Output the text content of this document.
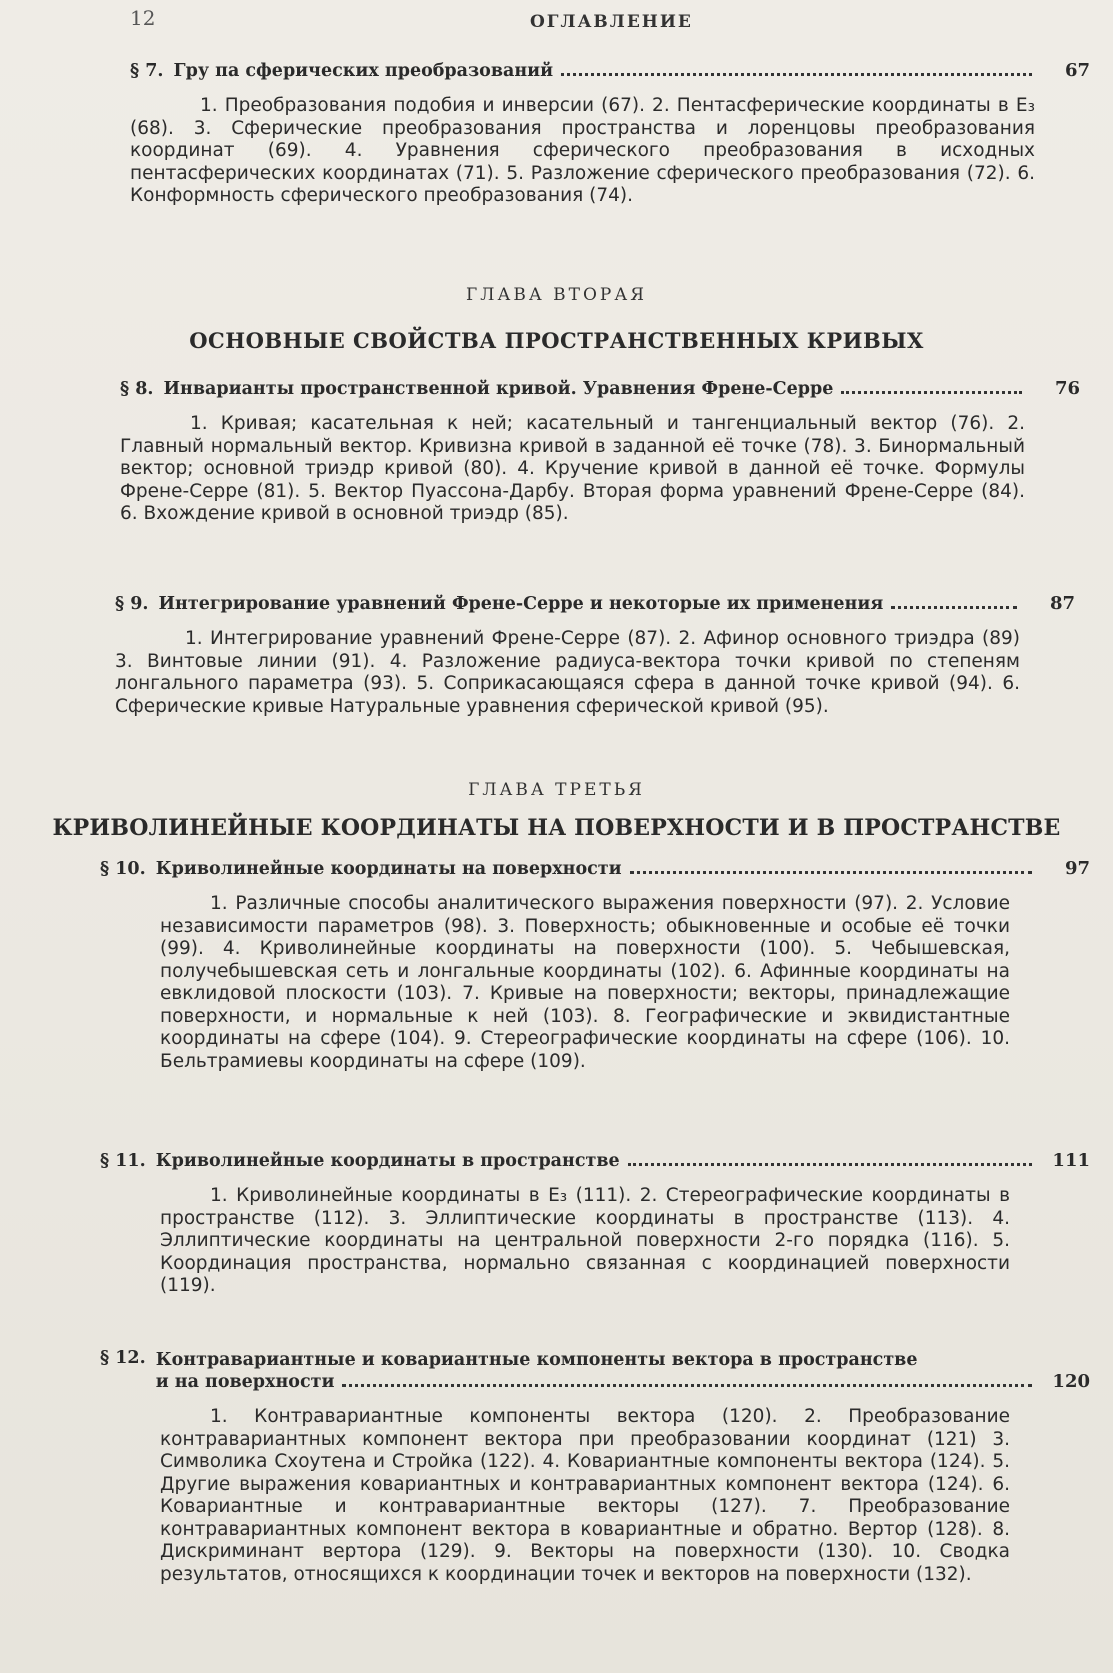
12	ОГЛАВЛЕНИЕ
§ 7. Гру па сферических преобразований	67
1. Преобразования подобия и инверсии (67). 2. Пентасферические координаты в E₃ (68). 3. Сферические преобразования пространства и лоренцовы преобразования координат (69). 4. Уравнения сферического преобразования в исходных пентасферических координатах (71). 5. Разложение сферического преобразования (72). 6. Конформность сферического преобразования (74).
ГЛАВА ВТОРАЯ
ОСНОВНЫЕ СВОЙСТВА ПРОСТРАНСТВЕННЫХ КРИВЫХ
§ 8. Инварианты пространственной кривой. Уравнения Френе-Серре	76
1. Кривая; касательная к ней; касательный и тангенциальный вектор (76). 2. Главный нормальный вектор. Кривизна кривой в заданной её точке (78). 3. Бинормальный вектор; основной триэдр кривой (80). 4. Кручение кривой в данной её точке. Формулы Френе-Серре (81). 5. Вектор Пуассона-Дарбу. Вторая форма уравнений Френе-Серре (84). 6. Вхождение кривой в основной триэдр (85).
§ 9. Интегрирование уравнений Френе-Серре и некоторые их применения	87
1. Интегрирование уравнений Френе-Серре (87). 2. Афинор основного триэдра (89) 3. Винтовые линии (91). 4. Разложение радиуса-вектора точки кривой по степеням лонгального параметра (93). 5. Соприкасающаяся сфера в данной точке кривой (94). 6. Сферические кривые Натуральные уравнения сферической кривой (95).
ГЛАВА ТРЕТЬЯ
КРИВОЛИНЕЙНЫЕ КООРДИНАТЫ НА ПОВЕРХНОСТИ И В ПРОСТРАНСТВЕ
§ 10. Криволинейные координаты на поверхности	97
1. Различные способы аналитического выражения поверхности (97). 2. Условие независимости параметров (98). 3. Поверхность; обыкновенные и особые её точки (99). 4. Криволинейные координаты на поверхности (100). 5. Чебышевская, получебышевская сеть и лонгальные координаты (102). 6. Афинные координаты на евклидовой плоскости (103). 7. Кривые на поверхности; векторы, принадлежащие поверхности, и нормальные к ней (103). 8. Географические и эквидистантные координаты на сфере (104). 9. Стереографические координаты на сфере (106). 10. Бельтрамиевы координаты на сфере (109).
§ 11. Криволинейные координаты в пространстве	111
1. Криволинейные координаты в E₃ (111). 2. Стереографические координаты в пространстве (112). 3. Эллиптические координаты в пространстве (113). 4. Эллиптические координаты на центральной поверхности 2-го порядка (116). 5. Координация пространства, нормально связанная с координацией поверхности (119).
§ 12. Контравариантные и ковариантные компоненты вектора в пространстве
и на поверхности	120
1. Контравариантные компоненты вектора (120). 2. Преобразование контравариантных компонент вектора при преобразовании координат (121) 3. Символика Схоутена и Стройка (122). 4. Ковариантные компоненты вектора (124). 5. Другие выражения ковариантных и контравариантных компонент вектора (124). 6. Ковариантные и контравариантные векторы (127). 7. Преобразование контравариантных компонент вектора в ковариантные и обратно. Вертор (128). 8. Дискриминант вертора (129). 9. Векторы на поверхности (130). 10. Сводка результатов, относящихся к координации точек и векторов на поверхности (132).
